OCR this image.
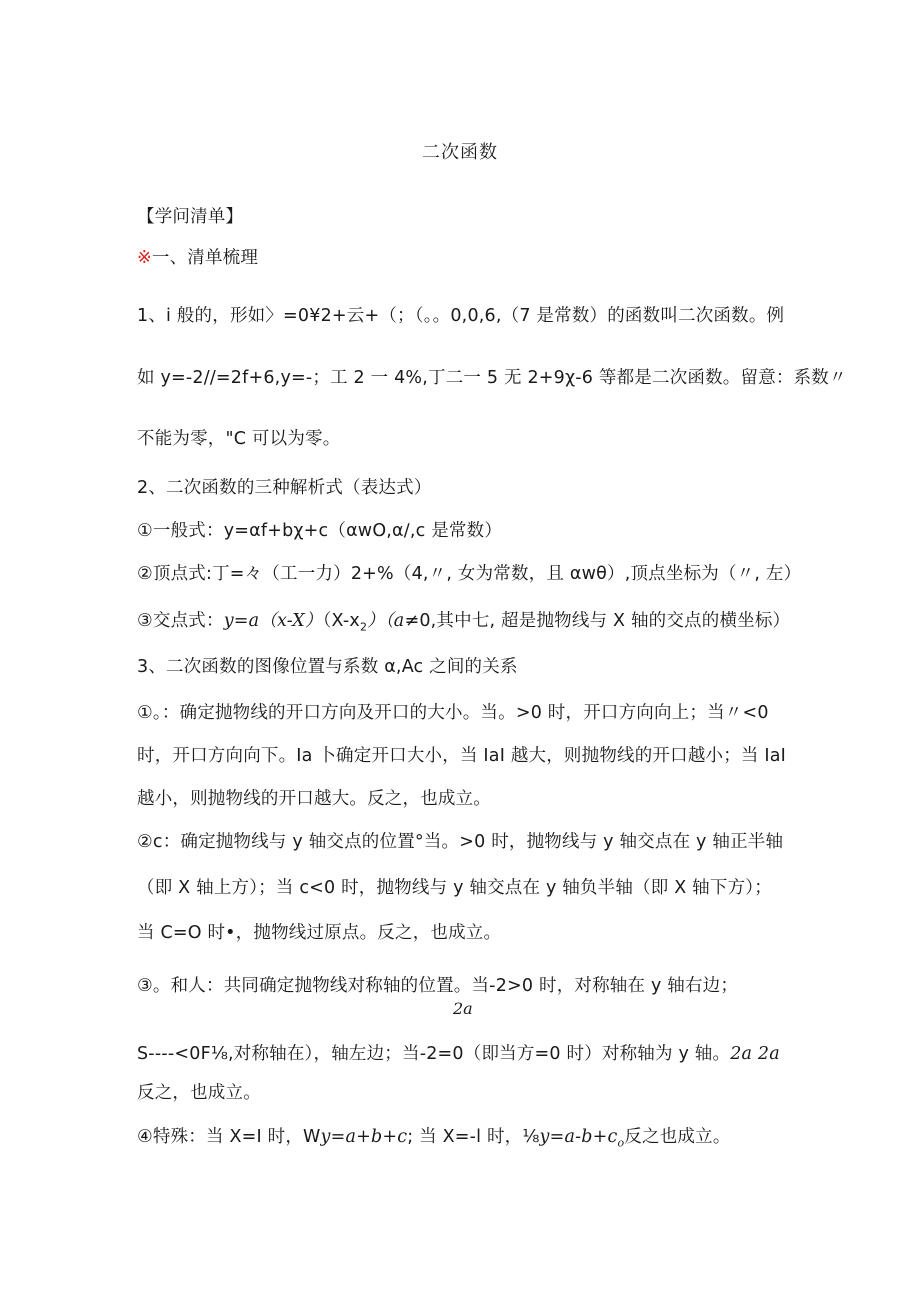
二次函数
【学问清单】
※一、清单梳理
1、i 般的，形如〉=0¥2+云+（；（。。0,0,6,（7 是常数）的函数叫二次函数。例
如 y=-2//=2f+6,y=-；工 2 一 4%,丁二一 5 无 2+9χ-6 等都是二次函数。留意：系数〃
不能为零，"C 可以为零。
2、二次函数的三种解析式（表达式）
①一般式：y=αf+bχ+c（αwO,α∕,c 是常数）
②顶点式:丁=々（工一力）2+%（4,〃, 女为常数，且 αwθ）,顶点坐标为（〃, 左）
③交点式：$y=a(x-X)(X-x_2)(a\ne 0$,其中七, 超是抛物线与 X 轴的交点的横坐标）
3、二次函数的图像位置与系数 α,Ac 之间的关系
①。：确定抛物线的开口方向及开口的大小。当。>0 时，开口方向向上；当〃<0
时，开口方向向下。Ia 卜确定开口大小，当 IaI 越大，则抛物线的开口越小；当 IaI
越小，则抛物线的开口越大。反之，也成立。
②c：确定抛物线与 y 轴交点的位置°当。>0 时，抛物线与 y 轴交点在 y 轴正半轴
（即 X 轴上方）；当 c<0 时，抛物线与 y 轴交点在 y 轴负半轴（即 X 轴下方）；
当 C=O 时•，抛物线过原点。反之，也成立。
③。和人：共同确定抛物线对称轴的位置。当-2>0 时，对称轴在 y 轴右边；
2a
S----<0F⅛,对称轴在），轴左边；当-2=0（即当方=0 时）对称轴为 y 轴。2a 2a
反之，也成立。
④特殊：当 X=I 时，Wy=a+b+c; 当 X=-l 时，$\frac{1}{8}y=a-b+c_o$反之也成立。
